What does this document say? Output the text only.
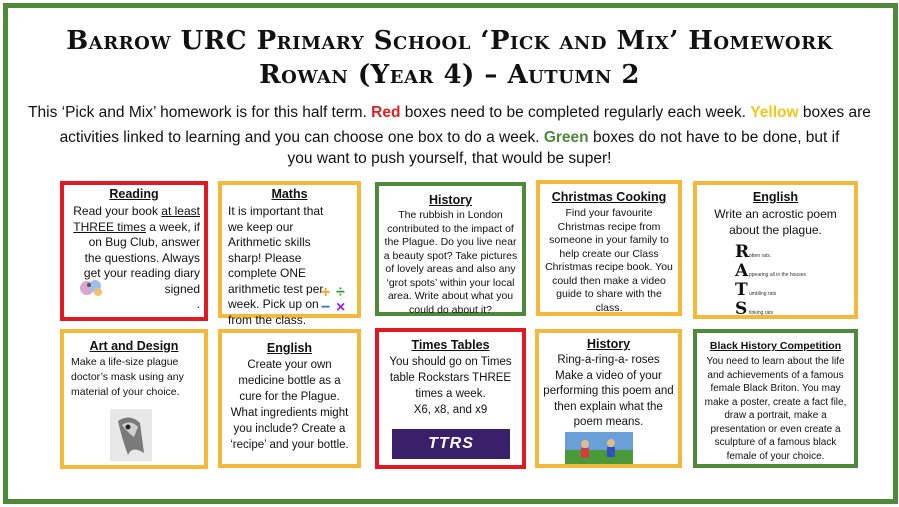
Barrow URC Primary School ‘Pick and Mix’ Homework
Rowan (Year 4) – Autumn 2
This ‘Pick and Mix’ homework is for this half term. Red boxes need to be completed regularly each week. Yellow boxes are activities linked to learning and you can choose one box to do a week. Green boxes do not have to be done, but if
you want to push yourself, that would be super!
Reading
Read your book at least THREE times a week, if on Bug Club, answer the questions. Always get your reading diary signed
.
Maths
It is important that we keep our Arithmetic skills sharp! Please complete ONE arithmetic test per week. Pick up on from the class.
+ ÷
− ×
History
The rubbish in London contributed to the impact of the Plague. Do you live near a beauty spot? Take pictures of lovely areas and also any ‘grot spots’ within your local area. Write about what you could do about it?
Christmas Cooking
Find your favourite Christmas recipe from someone in your family to help create our Class Christmas recipe book. You could then make a video guide to share with the class.
English
Write an acrostic poem about the plague.
R otten rats.
A ppearing all in the houses
T umbling rats
S tinking rats
Art and Design
Make a life-size plague doctor’s mask using any material of your choice.
English
Create your own medicine bottle as a cure for the Plague. What ingredients might you include? Create a ‘recipe’ and your bottle.
Times Tables
You should go on Times table Rockstars THREE times a week.
X6, x8, and x9
TTRS
History
Ring-a-ring-a- roses Make a video of your performing this poem and then explain what the poem means.
Black History Competition
You need to learn about the life and achievements of a famous female Black Briton. You may make a poster, create a fact file, draw a portrait, make a presentation or even create a sculpture of a famous black female of your choice.
